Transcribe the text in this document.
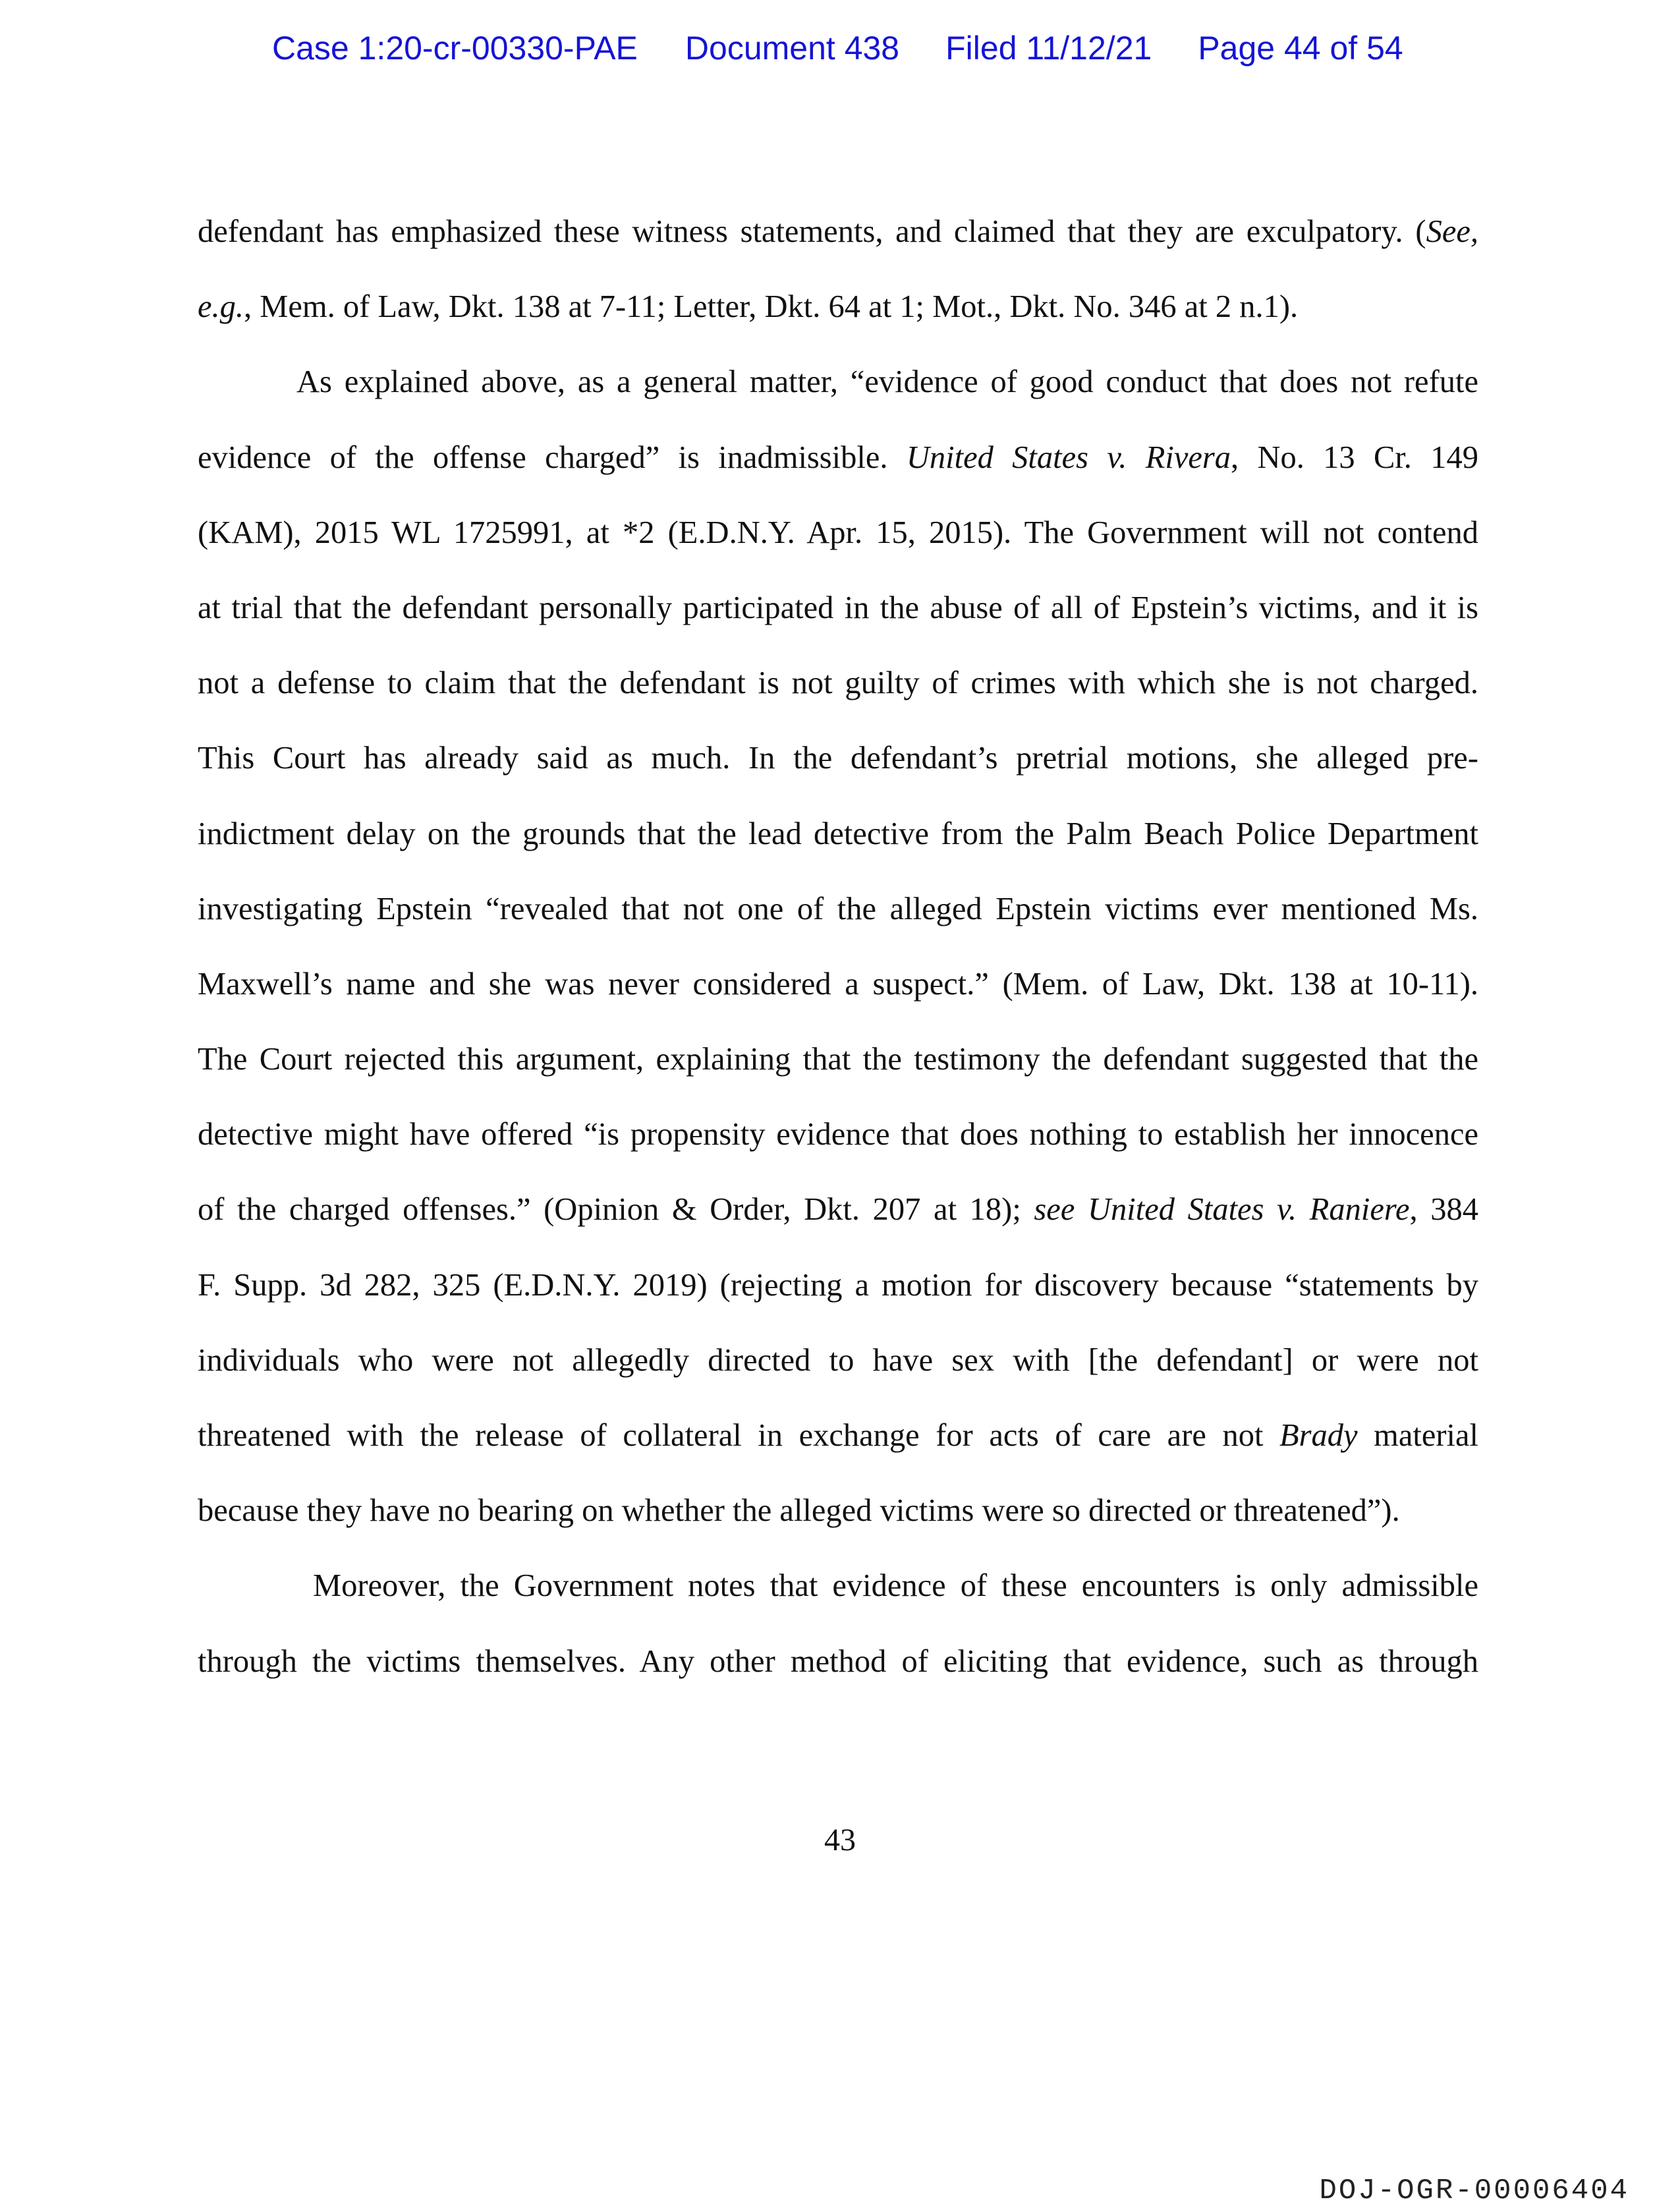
Case 1:20-cr-00330-PAE Document 438 Filed 11/12/21 Page 44 of 54
defendant has emphasized these witness statements, and claimed that they are exculpatory. (See,
e.g., Mem. of Law, Dkt. 138 at 7-11; Letter, Dkt. 64 at 1; Mot., Dkt. No. 346 at 2 n.1).
As explained above, as a general matter, “evidence of good conduct that does not refute
evidence of the offense charged” is inadmissible. United States v. Rivera, No. 13 Cr. 149
(KAM), 2015 WL 1725991, at *2 (E.D.N.Y. Apr. 15, 2015). The Government will not contend
at trial that the defendant personally participated in the abuse of all of Epstein’s victims, and it is
not a defense to claim that the defendant is not guilty of crimes with which she is not charged.
This Court has already said as much. In the defendant’s pretrial motions, she alleged pre-
indictment delay on the grounds that the lead detective from the Palm Beach Police Department
investigating Epstein “revealed that not one of the alleged Epstein victims ever mentioned Ms.
Maxwell’s name and she was never considered a suspect.” (Mem. of Law, Dkt. 138 at 10-11).
The Court rejected this argument, explaining that the testimony the defendant suggested that the
detective might have offered “is propensity evidence that does nothing to establish her innocence
of the charged offenses.” (Opinion & Order, Dkt. 207 at 18); see United States v. Raniere, 384
F. Supp. 3d 282, 325 (E.D.N.Y. 2019) (rejecting a motion for discovery because “statements by
individuals who were not allegedly directed to have sex with [the defendant] or were not
threatened with the release of collateral in exchange for acts of care are not Brady material
because they have no bearing on whether the alleged victims were so directed or threatened”).
Moreover, the Government notes that evidence of these encounters is only admissible
through the victims themselves. Any other method of eliciting that evidence, such as through
43
DOJ-OGR-00006404
